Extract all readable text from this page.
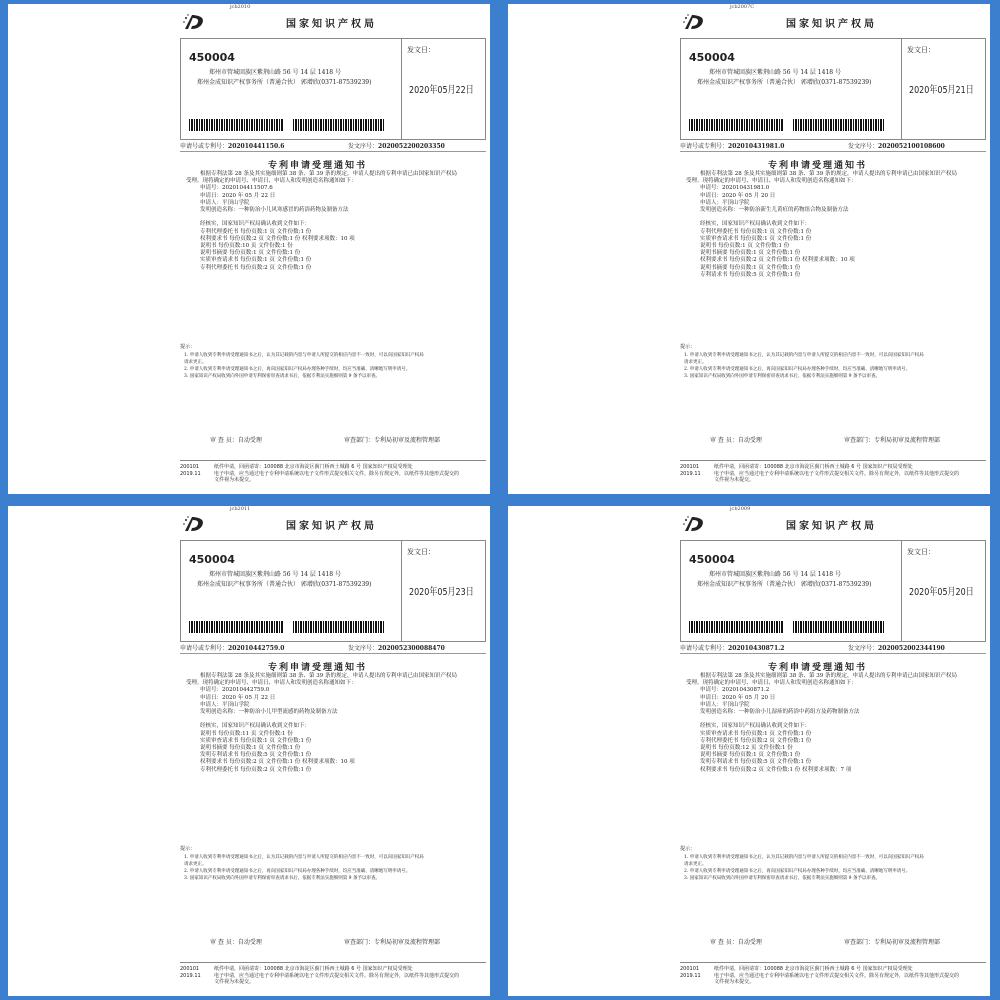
jcb2010
国家知识产权局
450004
郑州市管城回族区紫荆山路 56 号 14 层 1418 号
郑州金成知识产权事务所（普通合伙） 郭增欣(0371-87539239)
发文日：
2020年05月22日
申请号或专利号：202010441150.6	发文序号：2020052200203350
专利申请受理通知书

根据专利法第 28 条及其实施细则第 38 条、第 39 条的规定，申请人提出的专利申请已由国家知识产权局

受理。现将确定的申请号、申请日、申请人和发明创造名称通知如下：

申请号：2020104411507.6

申请日：2020 年 05 月 22 日

申请人：平顶山学院

发明创造名称：一种防治小儿风寒感冒的药浴药物及制备方法

经核实，国家知识产权局确认收到文件如下：

专利代理委托书 每份页数:1 页 文件份数:1 份

权利要求书 每份页数:2 页 文件份数:1 份 权利要求项数：10 项

说明书 每份页数:10 页 文件份数:1 份

说明书摘要 每份页数:1 页 文件份数:1 份

实质审查请求书 每份页数:1 页 文件份数:1 份

专利代理委托书 每份页数:2 页 文件份数:1 份

提示：

1. 申请人收到专利申请受理通知书之后，认为其记载的内容与申请人所提交的相应内容不一致时，可以向国家知识产权局

请求更正。

2. 申请人收到专利申请受理通知书之后，再向国家知识产权局办理各种手续时，均应当准确、清晰地写明申请号。

3. 国家知识产权局收到向外国申请专利保密审查请求书后，依据专利法实施细则第 9 条予以审查。

审 查 员：自动受理	审查部门：专利局初审及流程管理部

200101

2019.11

纸件申请，回函请寄：100088 北京市海淀区蓟门桥西土城路 6 号 国家知识产权局受理处

电子申请，应当通过电子专利申请系统以电子文件形式提交相关文件。除另有规定外，以纸件等其他形式提交的

文件视为未提交。

jcb2007C
国家知识产权局
450004
郑州市管城回族区紫荆山路 56 号 14 层 1418 号
郑州金成知识产权事务所（普通合伙） 郭增欣(0371-87539239)
发文日：
2020年05月21日
申请号或专利号：202010431981.0	发文序号：2020052100108600
专利申请受理通知书

根据专利法第 28 条及其实施细则第 38 条、第 39 条的规定，申请人提出的专利申请已由国家知识产权局

受理。现将确定的申请号、申请日、申请人和发明创造名称通知如下：

申请号：202010431981.0

申请日：2020 年 05 月 20 日

申请人：平顶山学院

发明创造名称：一种防治新生儿黄疸的药物组合物及制备方法

经核实，国家知识产权局确认收到文件如下：

专利代理委托书 每份页数:1 页 文件份数:1 份

实质审查请求书 每份页数:1 页 文件份数:1 份

说明书 每份页数:1 页 文件份数:1 份

说明书摘要 每份页数:1 页 文件份数:1 份

权利要求书 每份页数:2 页 文件份数:1 份 权利要求项数：10 项

说明书摘要 每份页数:1 页 文件份数:1 份

专利请求书 每份页数:5 页 文件份数:1 份

提示：

1. 申请人收到专利申请受理通知书之后，认为其记载的内容与申请人所提交的相应内容不一致时，可以向国家知识产权局

请求更正。

2. 申请人收到专利申请受理通知书之后，再向国家知识产权局办理各种手续时，均应当准确、清晰地写明申请号。

3. 国家知识产权局收到向外国申请专利保密审查请求书后，依据专利法实施细则第 9 条予以审查。

审 查 员：自动受理	审查部门：专利局初审及流程管理部

200101

2019.11

纸件申请，回函请寄：100088 北京市海淀区蓟门桥西土城路 6 号 国家知识产权局受理处

电子申请，应当通过电子专利申请系统以电子文件形式提交相关文件。除另有规定外，以纸件等其他形式提交的

文件视为未提交。

jcb2011
国家知识产权局
450004
郑州市管城回族区紫荆山路 56 号 14 层 1418 号
郑州金成知识产权事务所（普通合伙） 郭增欣(0371-87539239)
发文日：
2020年05月23日
申请号或专利号：202010442759.0	发文序号：2020052300088470
专利申请受理通知书

根据专利法第 28 条及其实施细则第 38 条、第 39 条的规定，申请人提出的专利申请已由国家知识产权局

受理。现将确定的申请号、申请日、申请人和发明创造名称通知如下：

申请号：202010442759.0

申请日：2020 年 05 月 22 日

申请人：平顶山学院

发明创造名称：一种防治小儿甲型流感的药物及制备方法

经核实，国家知识产权局确认收到文件如下：

说明书 每份页数:11 页 文件份数:1 份

实质审查请求书 每份页数:1 页 文件份数:1 份

说明书摘要 每份页数:1 页 文件份数:1 份

发明专利请求书 每份页数:5 页 文件份数:1 份

权利要求书 每份页数:2 页 文件份数:1 份 权利要求项数：10 项

专利代理委托书 每份页数:2 页 文件份数:1 份

提示：

1. 申请人收到专利申请受理通知书之后，认为其记载的内容与申请人所提交的相应内容不一致时，可以向国家知识产权局

请求更正。

2. 申请人收到专利申请受理通知书之后，再向国家知识产权局办理各种手续时，均应当准确、清晰地写明申请号。

3. 国家知识产权局收到向外国申请专利保密审查请求书后，依据专利法实施细则第 9 条予以审查。

审 查 员：自动受理	审查部门：专利局初审及流程管理部

200101

2019.11

纸件申请，回函请寄：100088 北京市海淀区蓟门桥西土城路 6 号 国家知识产权局受理处

电子申请，应当通过电子专利申请系统以电子文件形式提交相关文件。除另有规定外，以纸件等其他形式提交的

文件视为未提交。

jcb2009
国家知识产权局
450004
郑州市管城回族区紫荆山路 56 号 14 层 1418 号
郑州金成知识产权事务所（普通合伙） 郭增欣(0371-87539239)
发文日：
2020年05月20日
申请号或专利号：202010430871.2	发文序号：2020052002344190
专利申请受理通知书

根据专利法第 28 条及其实施细则第 38 条、第 39 条的规定，申请人提出的专利申请已由国家知识产权局

受理。现将确定的申请号、申请日、申请人和发明创造名称通知如下：

申请号：202010430871.2

申请日：2020 年 05 月 20 日

申请人：平顶山学院

发明创造名称：一种防治小儿湿疹的药浴中药组方及药物制备方法

经核实，国家知识产权局确认收到文件如下：

实质审查请求书 每份页数:1 页 文件份数:1 份

专利代理委托书 每份页数:2 页 文件份数:1 份

说明书 每份页数:12 页 文件份数:1 份

说明书摘要 每份页数:1 页 文件份数:1 份

发明专利请求书 每份页数:5 页 文件份数:1 份

权利要求书 每份页数:2 页 文件份数:1 份 权利要求项数：7 项

提示：

1. 申请人收到专利申请受理通知书之后，认为其记载的内容与申请人所提交的相应内容不一致时，可以向国家知识产权局

请求更正。

2. 申请人收到专利申请受理通知书之后，再向国家知识产权局办理各种手续时，均应当准确、清晰地写明申请号。

3. 国家知识产权局收到向外国申请专利保密审查请求书后，依据专利法实施细则第 9 条予以审查。

审 查 员：自动受理	审查部门：专利局初审及流程管理部

200101

2019.11

纸件申请，回函请寄：100088 北京市海淀区蓟门桥西土城路 6 号 国家知识产权局受理处

电子申请，应当通过电子专利申请系统以电子文件形式提交相关文件。除另有规定外，以纸件等其他形式提交的

文件视为未提交。
